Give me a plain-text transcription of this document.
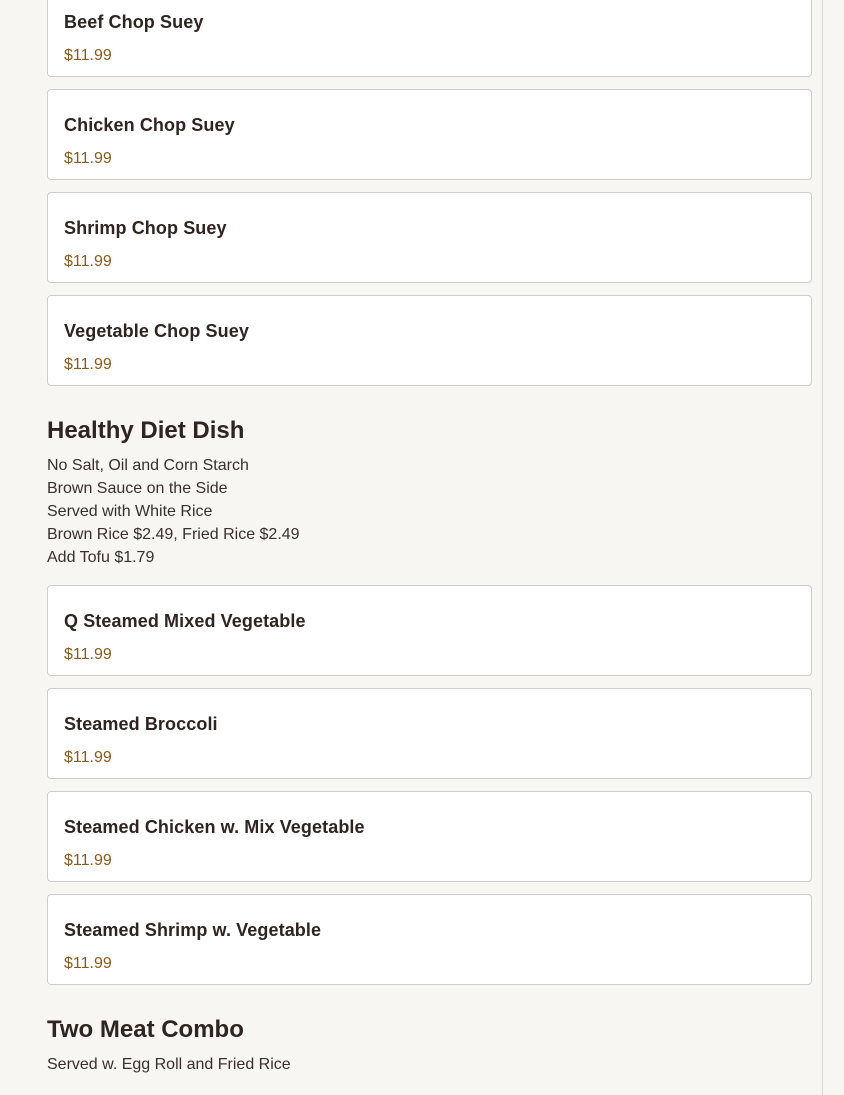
Beef Chop Suey
$11.99
Chicken Chop Suey
$11.99
Shrimp Chop Suey
$11.99
Vegetable Chop Suey
$11.99
Healthy Diet Dish
No Salt, Oil and Corn Starch
Brown Sauce on the Side
Served with White Rice
Brown Rice $2.49, Fried Rice $2.49
Add Tofu $1.79
Q Steamed Mixed Vegetable
$11.99
Steamed Broccoli
$11.99
Steamed Chicken w. Mix Vegetable
$11.99
Steamed Shrimp w. Vegetable
$11.99
Two Meat Combo
Served w. Egg Roll and Fried Rice
